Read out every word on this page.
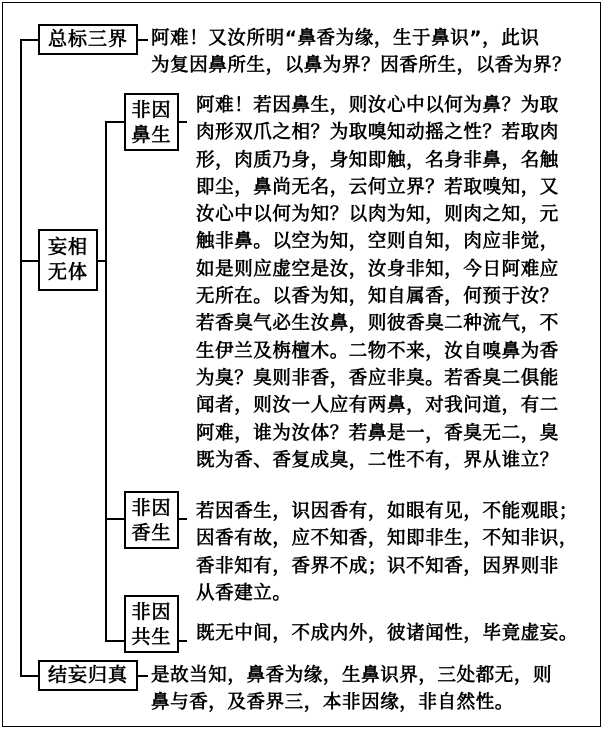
总标三界	阿难！又汝所明“鼻香为缘，生于鼻识”，此识
为复因鼻所生，以鼻为界？因香所生，以香为界？
妄相
无体
非因
鼻生
阿难！若因鼻生，则汝心中以何为鼻？为取
肉形双爪之相？为取嗅知动摇之性？若取肉
形，肉质乃身，身知即触，名身非鼻，名触
即尘，鼻尚无名，云何立界？若取嗅知，又
汝心中以何为知？以肉为知，则肉之知，元
触非鼻。以空为知，空则自知，肉应非觉，
如是则应虚空是汝，汝身非知，今日阿难应
无所在。以香为知，知自属香，何预于汝？
若香臭气必生汝鼻，则彼香臭二种流气，不
生伊兰及栴檀木。二物不来，汝自嗅鼻为香
为臭？臭则非香，香应非臭。若香臭二俱能
闻者，则汝一人应有两鼻，对我问道，有二
阿难，谁为汝体？若鼻是一，香臭无二，臭
既为香、香复成臭，二性不有，界从谁立？
非因
香生
若因香生，识因香有，如眼有见，不能观眼；
因香有故，应不知香，知即非生，不知非识，
香非知有，香界不成；识不知香，因界则非
从香建立。
非因
共生 既无中间，不成内外，彼诸闻性，毕竟虚妄。
结妄归真	是故当知，鼻香为缘，生鼻识界，三处都无，则
鼻与香，及香界三，本非因缘，非自然性。
